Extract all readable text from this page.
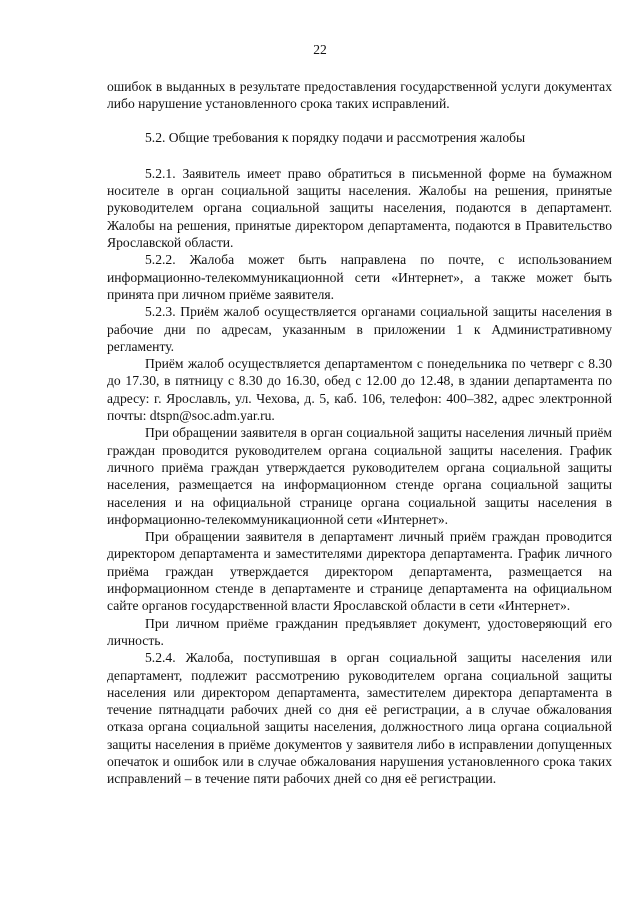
22

ошибок в выданных в результате предоставления государственной услуги документах либо нарушение установленного срока таких исправлений.

5.2. Общие требования к порядку подачи и рассмотрения жалобы

5.2.1. Заявитель имеет право обратиться в письменной форме на бумажном носителе в орган социальной защиты населения. Жалобы на решения, принятые руководителем органа социальной защиты населения, подаются в департамент. Жалобы на решения, принятые директором департамента, подаются в Правительство Ярославской области.

5.2.2. Жалоба может быть направлена по почте, с использованием информационно-телекоммуникационной сети «Интернет», а также может быть принята при личном приёме заявителя.

5.2.3. Приём жалоб осуществляется органами социальной защиты населения в рабочие дни по адресам, указанным в приложении 1 к Административному регламенту.

Приём жалоб осуществляется департаментом с понедельника по четверг с 8.30 до 17.30, в пятницу с 8.30 до 16.30, обед с 12.00 до 12.48, в здании департамента по адресу: г. Ярославль, ул. Чехова, д. 5, каб. 106, телефон: 400–382, адрес электронной почты: dtspn@soc.adm.yar.ru.

При обращении заявителя в орган социальной защиты населения личный приём граждан проводится руководителем органа социальной защиты населения. График личного приёма граждан утверждается руководителем органа социальной защиты населения, размещается на информационном стенде органа социальной защиты населения и на официальной странице органа социальной защиты населения в информационно-телекоммуникационной сети «Интернет».

При обращении заявителя в департамент личный приём граждан проводится директором департамента и заместителями директора департамента. График личного приёма граждан утверждается директором департамента, размещается на информационном стенде в департаменте и странице департамента на официальном сайте органов государственной власти Ярославской области в сети «Интернет».

При личном приёме гражданин предъявляет документ, удостоверяющий его личность.

5.2.4. Жалоба, поступившая в орган социальной защиты населения или департамент, подлежит рассмотрению руководителем органа социальной защиты населения или директором департамента, заместителем директора департамента в течение пятнадцати рабочих дней со дня её регистрации, а в случае обжалования отказа органа социальной защиты населения, должностного лица органа социальной защиты населения в приёме документов у заявителя либо в исправлении допущенных опечаток и ошибок или в случае обжалования нарушения установленного срока таких исправлений – в течение пяти рабочих дней со дня её регистрации.
